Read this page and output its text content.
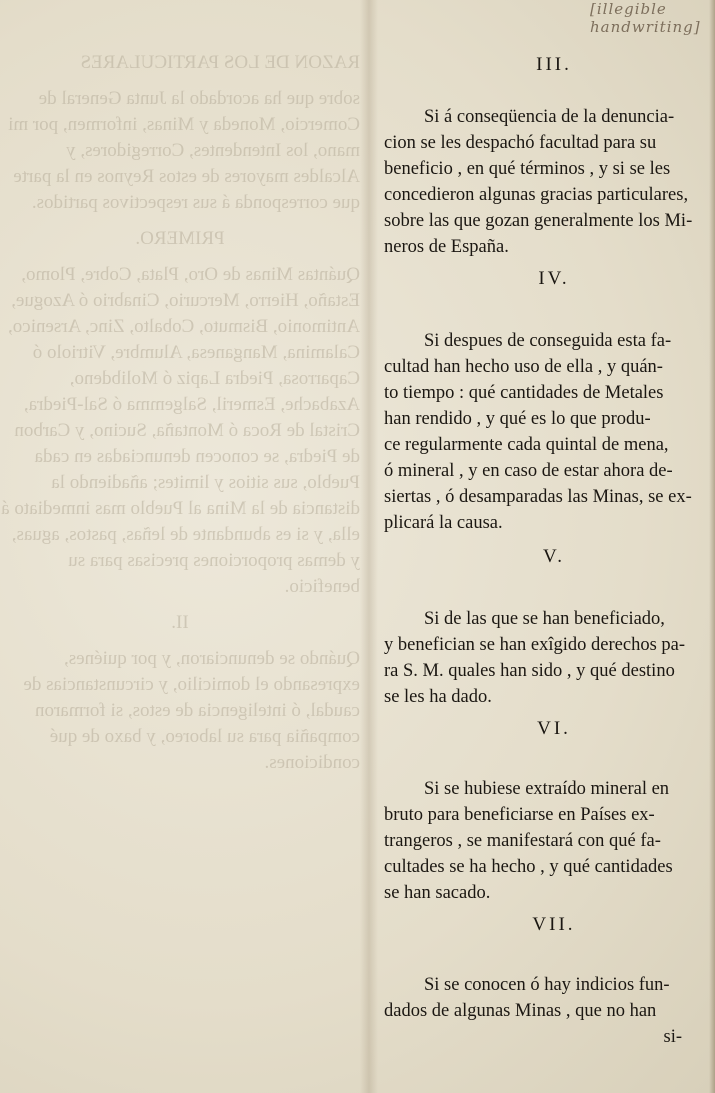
[illegible handwriting]

RAZON DE LOS PARTICULARES

sobre que ha acordado la Junta General de Comercio, Moneda y Minas, informen, por mi mano, los Intendentes, Corregidores, y Alcaldes mayores de estos Reynos en la parte que corresponda á sus respectivos partidos.

PRIMERO.

Quántas Minas de Oro, Plata, Cobre, Plomo, Estaño, Hierro, Mercurio, Cinabrio ó Azogue, Antimonio, Bismuto, Cobalto, Zinc, Arsenico, Calamina, Manganesa, Alumbre, Vitriolo ó Caparrosa, Piedra Lapiz ó Molibdeno, Azabache, Esmeril, Salgemma ó Sal-Piedra, Cristal de Roca ó Montaña, Sucino, y Carbon de Piedra, se conocen denunciadas en cada Pueblo, sus sitios y limites; añadiendo la distancia de la Mina al Pueblo mas inmediato á ella, y si es abundante de leñas, pastos, aguas, y demas proporciones precisas para su beneficio.

II.

Quándo se denunciaron, y por quiénes, expresando el domicilio, y circunstancias de caudal, ó inteligencia de estos, si formaron compañia para su laboreo, y baxo de qué condiciones.

III.
Si á conseqüencia de la denuncia-
cion se les despachó facultad para su
beneficio , en qué términos , y si se les
concedieron algunas gracias particulares,
sobre las que gozan generalmente los Mi-
neros de España.
IV.
Si despues de conseguida esta fa-
cultad han hecho uso de ella , y quán-
to tiempo : qué cantidades de Metales
han rendido , y qué es lo que produ-
ce regularmente cada quintal de mena,
ó mineral , y en caso de estar ahora de-
siertas , ó desamparadas las Minas, se ex-
plicará la causa.
V.
Si de las que se han beneficiado,
y benefician se han exîgido derechos pa-
ra S. M. quales han sido , y qué destino
se les ha dado.
VI.
Si se hubiese extraído mineral en
bruto para beneficiarse en Países ex-
trangeros , se manifestará con qué fa-
cultades se ha hecho , y qué cantidades
se han sacado.
VII.
Si se conocen ó hay indicios fun-
dados de algunas Minas , que no han
si-
